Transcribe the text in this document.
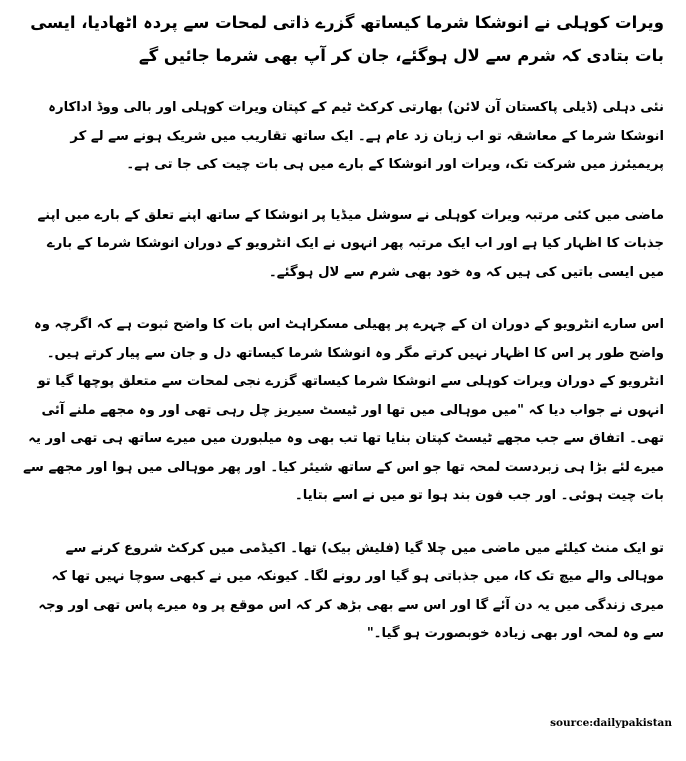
ویرات کوہلی نے انوشکا شرما کیساتھ گزرے ذاتی لمحات سے پردہ اٹھادیا، ایسی بات بتادی کہ شرم سے لال ہوگئے، جان کر آپ بھی شرما جائیں گے

نئی دہلی (ڈیلی پاکستان آن لائن) بھارتی کرکٹ ٹیم کے کپتان ویرات کوہلی اور بالی ووڈ اداکارہ انوشکا شرما کے معاشقہ تو اب زبان زد عام ہے۔ ایک ساتھ تقاریب میں شریک ہونے سے لے کر پریمیئرز میں شرکت تک، ویرات اور انوشکا کے بارے میں ہی بات چیت کی جا تی ہے۔

ماضی میں کئی مرتبہ ویرات کوہلی نے سوشل میڈیا پر انوشکا کے ساتھ اپنے تعلق کے بارے میں اپنے جذبات کا اظہار کیا ہے اور اب ایک مرتبہ پھر انہوں نے ایک انٹرویو کے دوران انوشکا شرما کے بارے میں ایسی باتیں کی ہیں کہ وہ خود بھی شرم سے لال ہوگئے۔

اس سارے انٹرویو کے دوران ان کے چہرے پر پھیلی مسکراہٹ اس بات کا واضح ثبوت ہے کہ اگرچہ وہ واضح طور پر اس کا اظہار نہیں کرتے مگر وہ انوشکا شرما کیساتھ دل و جان سے پیار کرتے ہیں۔ انٹرویو کے دوران ویرات کوہلی سے انوشکا شرما کیساتھ گزرے نجی لمحات سے متعلق پوچھا گیا تو انہوں نے جواب دیا کہ "میں موہالی میں تھا اور ٹیسٹ سیریز چل رہی تھی اور وہ مجھے ملنے آئی تھی۔ اتفاق سے جب مجھے ٹیسٹ کپتان بنایا تھا تب بھی وہ میلبورن میں میرے ساتھ ہی تھی اور یہ میرے لئے بڑا ہی زبردست لمحہ تھا جو اس کے ساتھ شیئر کیا۔ اور پھر موہالی میں ہوا اور مجھے سے بات چیت ہوئی۔ اور جب فون بند ہوا تو میں نے اسے بتایا۔

تو ایک منٹ کیلئے میں ماضی میں چلا گیا (فلیش بیک) تھا۔ اکیڈمی میں کرکٹ شروع کرنے سے موہالی والے میچ تک کا، میں جذباتی ہو گیا اور رونے لگا۔ کیونکہ میں نے کبھی سوچا نہیں تھا کہ میری زندگی میں یہ دن آئے گا اور اس سے بھی بڑھ کر کہ اس موقع پر وہ میرے پاس تھی اور وجہ سے وہ لمحہ اور بھی زیادہ خوبصورت ہو گیا۔"

source:dailypakistan
